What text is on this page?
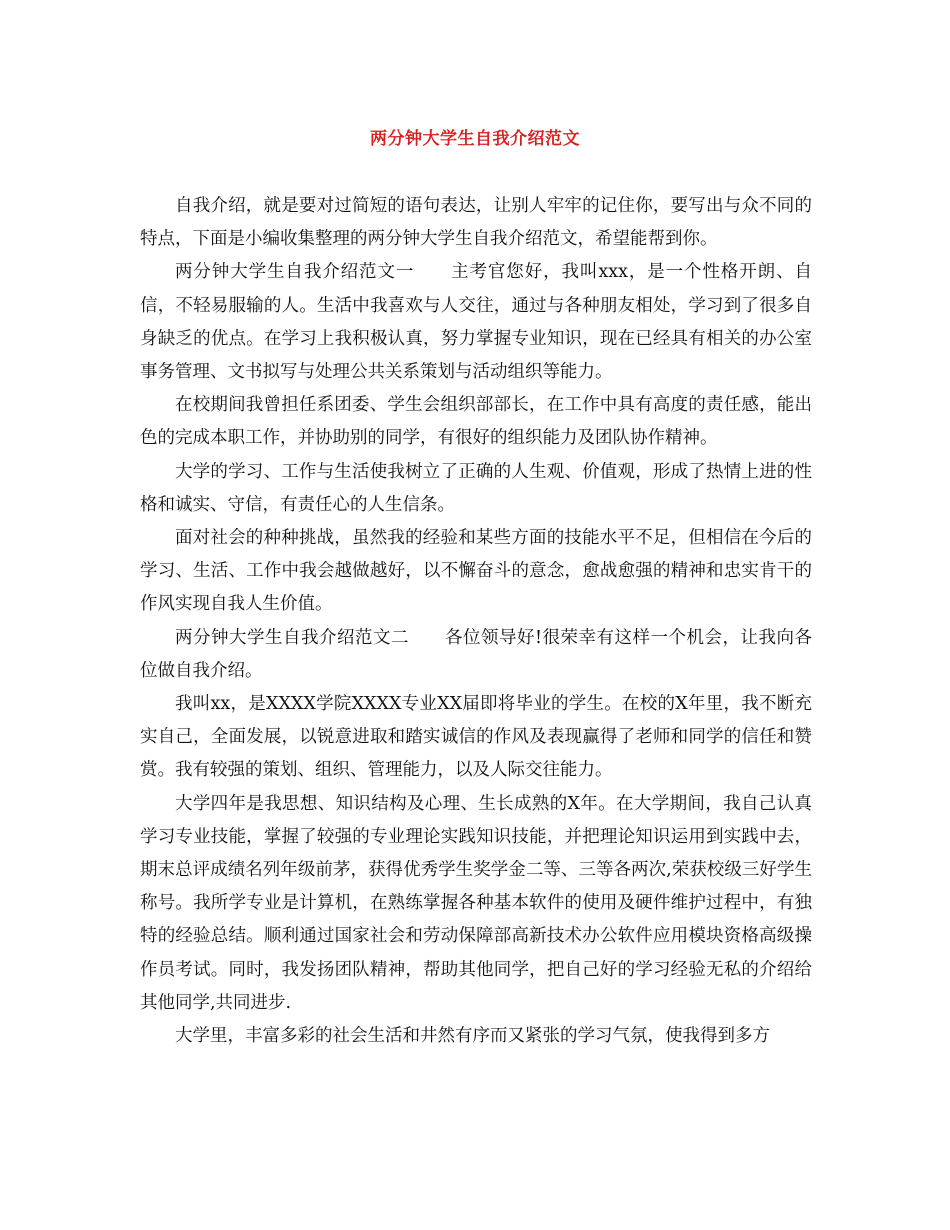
两分钟大学生自我介绍范文

自我介绍，就是要对过简短的语句表达，让别人牢牢的记住你，要写出与众不同的特点，下面是小编收集整理的两分钟大学生自我介绍范文，希望能帮到你。

两分钟大学生自我介绍范文一　　主考官您好，我叫xxx，是一个性格开朗、自信，不轻易服输的人。生活中我喜欢与人交往，通过与各种朋友相处，学习到了很多自身缺乏的优点。在学习上我积极认真，努力掌握专业知识，现在已经具有相关的办公室事务管理、文书拟写与处理公共关系策划与活动组织等能力。

在校期间我曾担任系团委、学生会组织部部长，在工作中具有高度的责任感，能出色的完成本职工作，并协助别的同学，有很好的组织能力及团队协作精神。

大学的学习、工作与生活使我树立了正确的人生观、价值观，形成了热情上进的性格和诚实、守信，有责任心的人生信条。

面对社会的种种挑战，虽然我的经验和某些方面的技能水平不足，但相信在今后的学习、生活、工作中我会越做越好，以不懈奋斗的意念，愈战愈强的精神和忠实肯干的作风实现自我人生价值。

两分钟大学生自我介绍范文二　　各位领导好!很荣幸有这样一个机会，让我向各位做自我介绍。

我叫xx，是XXXX学院XXXX专业XX届即将毕业的学生。在校的X年里，我不断充实自己，全面发展，以锐意进取和踏实诚信的作风及表现赢得了老师和同学的信任和赞赏。我有较强的策划、组织、管理能力，以及人际交往能力。

大学四年是我思想、知识结构及心理、生长成熟的X年。在大学期间，我自己认真学习专业技能，掌握了较强的专业理论实践知识技能，并把理论知识运用到实践中去，期末总评成绩名列年级前茅，获得优秀学生奖学金二等、三等各两次,荣获校级三好学生称号。我所学专业是计算机，在熟练掌握各种基本软件的使用及硬件维护过程中，有独特的经验总结。顺利通过国家社会和劳动保障部高新技术办公软件应用模块资格高级操作员考试。同时，我发扬团队精神，帮助其他同学，把自己好的学习经验无私的介绍给其他同学,共同进步.

大学里，丰富多彩的社会生活和井然有序而又紧张的学习气氛，使我得到多方
